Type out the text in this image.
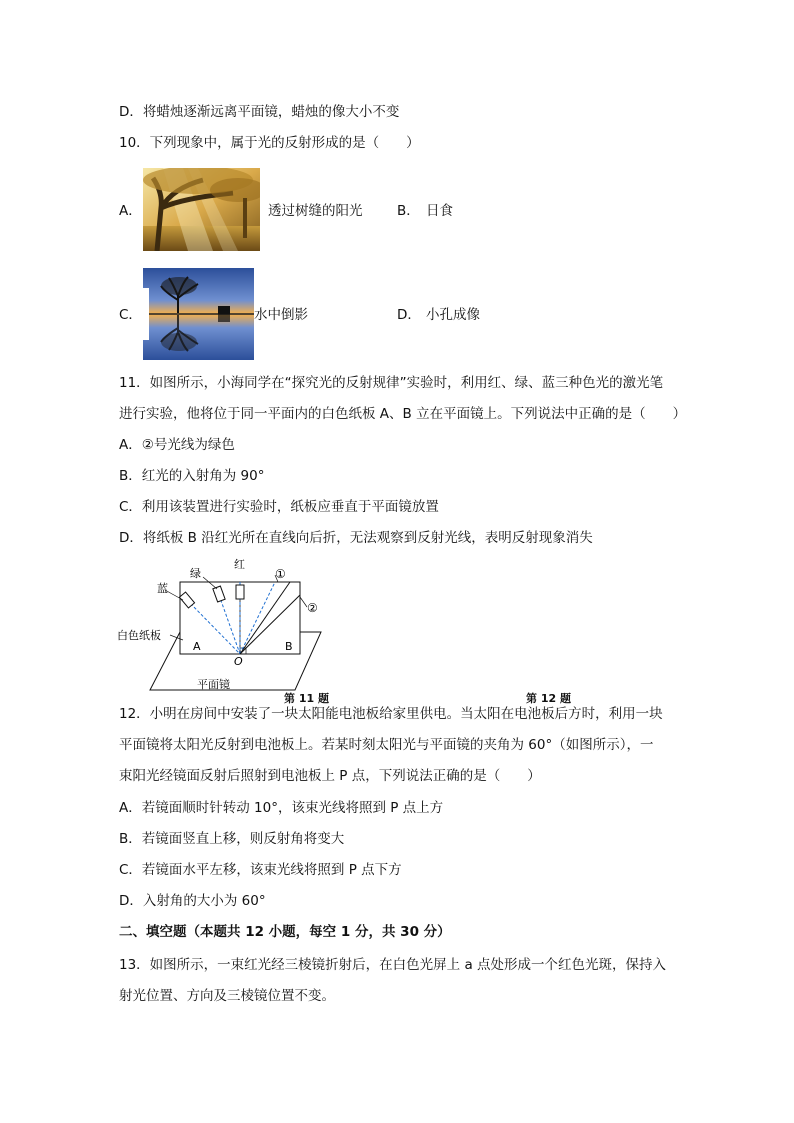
D．将蜡烛逐渐远离平面镜，蜡烛的像大小不变
10．下列现象中，属于光的反射形成的是（　　）
A．	透过树缝的阳光	B． 日食
C．	水中倒影	D． 小孔成像
11．如图所示，小海同学在“探究光的反射规律”实验时，利用红、绿、蓝三种色光的激光笔
进行实验，他将位于同一平面内的白色纸板 A、B 立在平面镜上。下列说法中正确的是（　　）
A．②号光线为绿色
B．红光的入射角为 90°
C．利用该装置进行实验时，纸板应垂直于平面镜放置
D．将纸板 B 沿红光所在直线向后折，无法观察到反射光线，表明反射现象消失
蓝
绿
红
①
②
白色纸板
A	B
O
平面镜
第 11 题	第 12 题
12．小明在房间中安装了一块太阳能电池板给家里供电。当太阳在电池板后方时，利用一块
平面镜将太阳光反射到电池板上。若某时刻太阳光与平面镜的夹角为 60°（如图所示），一
束阳光经镜面反射后照射到电池板上 P 点，下列说法正确的是（　　）
A．若镜面顺时针转动 10°，该束光线将照到 P 点上方
B．若镜面竖直上移，则反射角将变大
C．若镜面水平左移，该束光线将照到 P 点下方
D．入射角的大小为 60°
二、填空题（本题共 12 小题，每空 1 分，共 30 分）
13．如图所示，一束红光经三棱镜折射后，在白色光屏上 a 点处形成一个红色光斑，保持入
射光位置、方向及三棱镜位置不变。
